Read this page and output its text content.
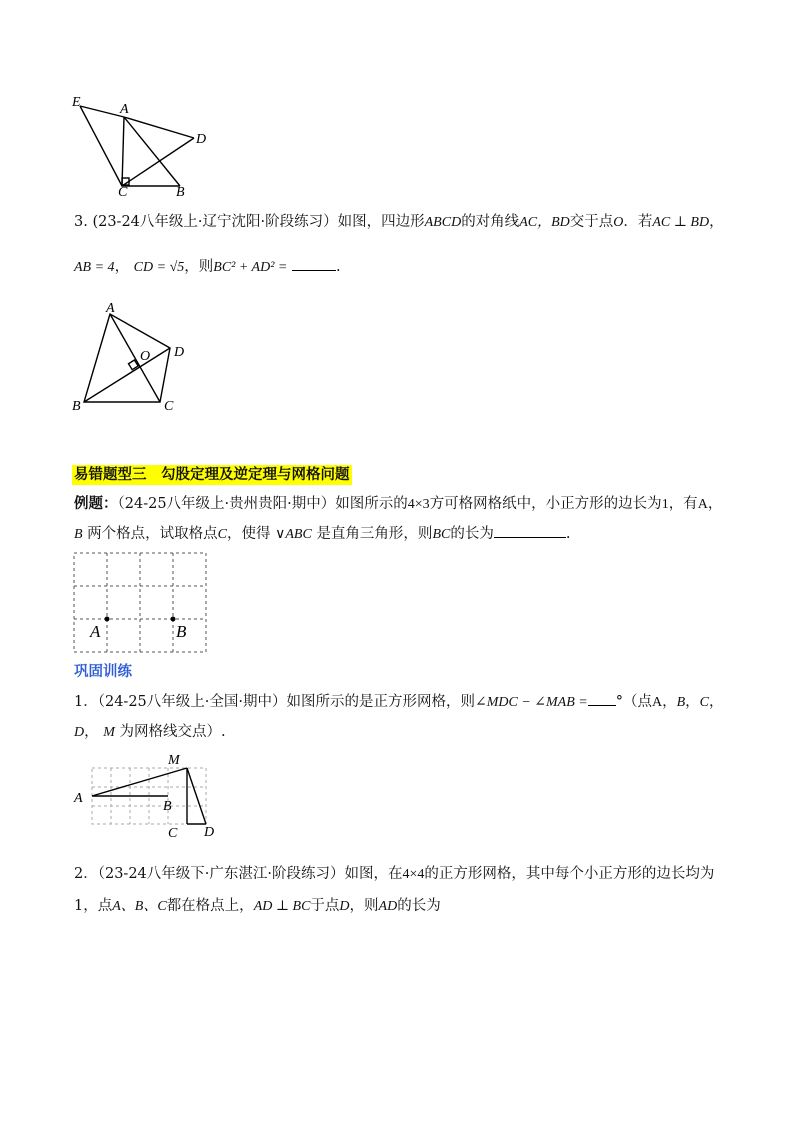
E	A
D
C	B
3. (23-24八年级上·辽宁沈阳·阶段练习）如图，四边形ABCD的对角线AC，BD交于点O．若AC ⊥ BD，
AB = 4， CD = √5，则BC² + AD² =	.
A
O D
B	C
易错题型三　勾股定理及逆定理与网格问题
例题：（24-25八年级上·贵州贵阳·期中）如图所示的4×3方可格网格纸中，小正方形的边长为1，有A，
B 两个格点，试取格点C，使得 ∨ABC 是直角三角形，则BC的长为	.
A	B
巩固训练
1．（24-25八年级上·全国·期中）如图所示的是正方形网格，则∠MDC − ∠MAB = °（点A，B，C，
D， M 为网格线交点）.
M
A
B
C D
2．（23-24八年级下·广东湛江·阶段练习）如图，在4×4的正方形网格，其中每个小正方形的边长均为
1，点A、B、C都在格点上，AD ⊥ BC于点D，则AD的长为
